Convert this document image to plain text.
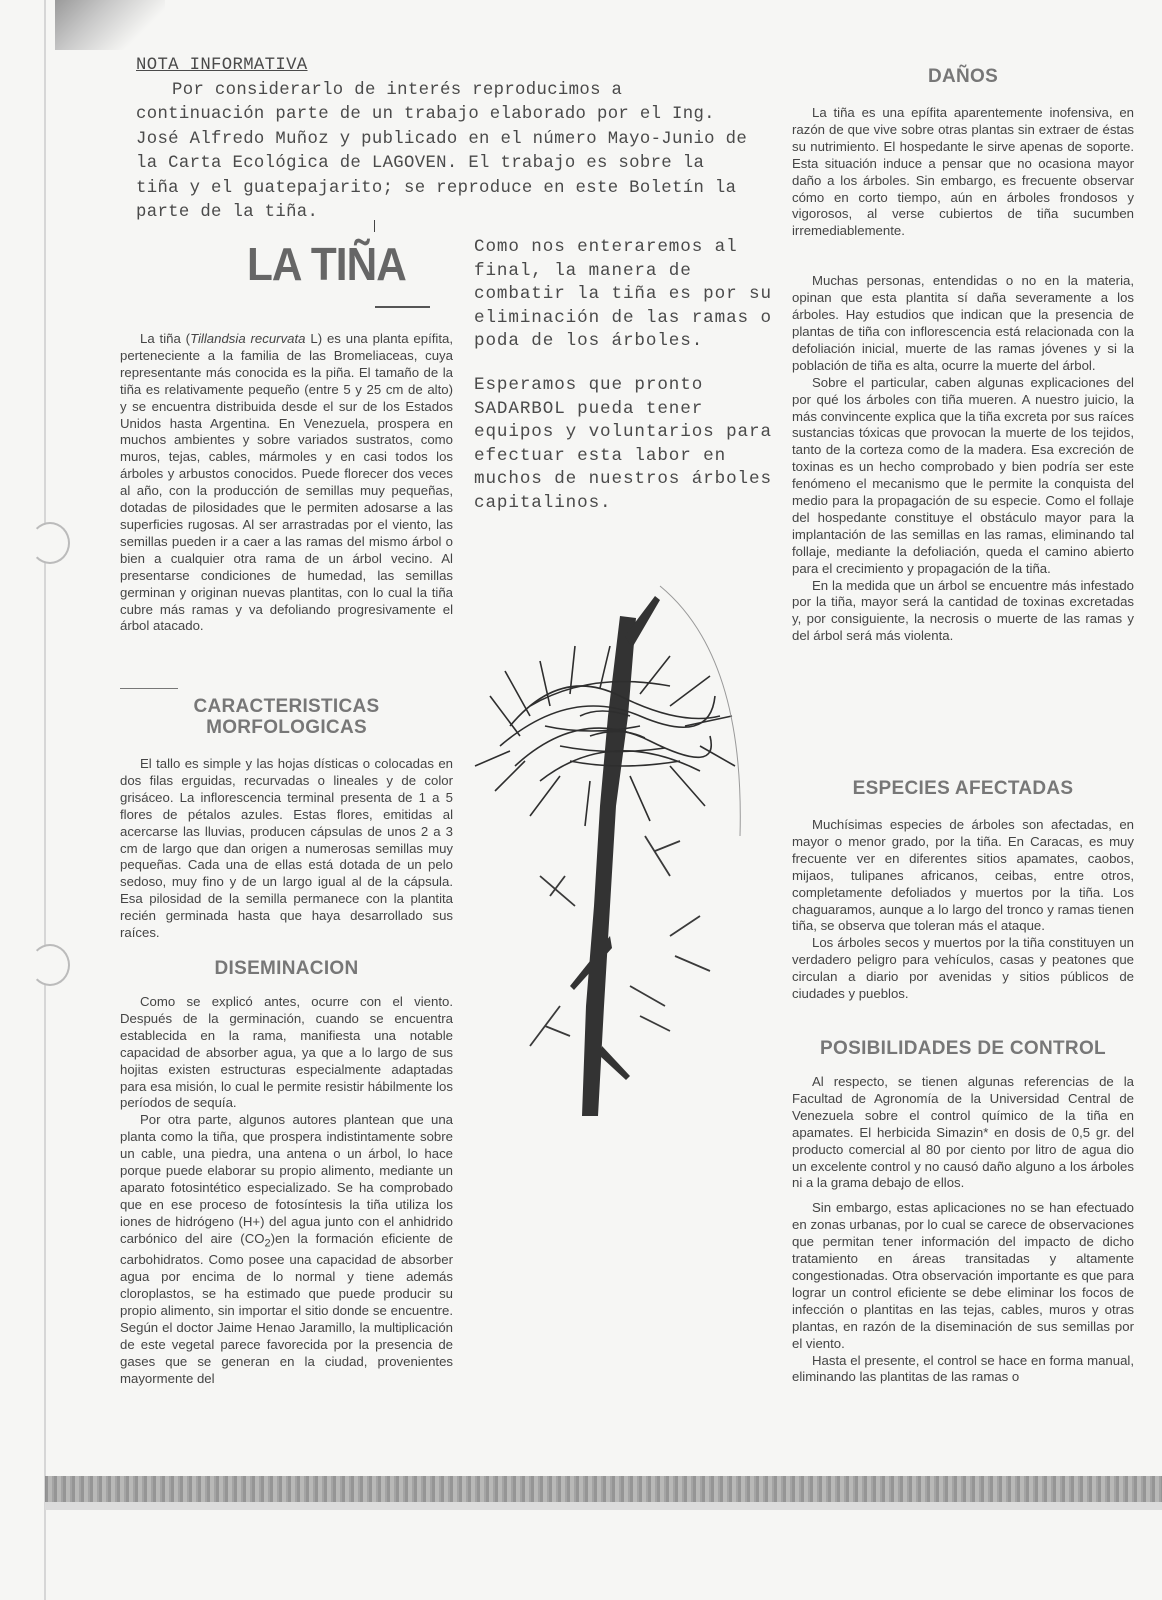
NOTA INFORMATIVA

Por considerarlo de interés reproducimos a continuación parte de un trabajo elaborado por el Ing. José Alfredo Muñoz y publicado en el número Mayo-Junio de la Carta Ecológica de LAGOVEN. El trabajo es sobre la tiña y el guatepajarito; se reproduce en este Boletín la parte de la tiña.

LA TIÑA	Como nos enteraremos al final, la manera de combatir la tiña es por su eliminación de las ramas o poda de los árboles.

Esperamos que pronto SADARBOL pueda tener equipos y voluntarios para efectuar esta labor en muchos de nuestros árboles capitalinos.

La tiña (Tillandsia recurvata L) es una planta epífita, perteneciente a la familia de las Bromeliaceas, cuya representante más conocida es la piña. El tamaño de la tiña es relativamente pequeño (entre 5 y 25 cm de alto) y se encuentra distribuida desde el sur de los Estados Unidos hasta Argentina. En Venezuela, prospera en muchos ambientes y sobre variados sustratos, como muros, tejas, cables, mármoles y en casi todos los árboles y arbustos conocidos. Puede florecer dos veces al año, con la producción de semillas muy pequeñas, dotadas de pilosidades que le permiten adosarse a las superficies rugosas. Al ser arrastradas por el viento, las semillas pueden ir a caer a las ramas del mismo árbol o bien a cualquier otra rama de un árbol vecino. Al presentarse condiciones de humedad, las semillas germinan y originan nuevas plantitas, con lo cual la tiña cubre más ramas y va defoliando progresivamente el árbol atacado.

CARACTERISTICAS
MORFOLOGICAS

El tallo es simple y las hojas dísticas o colocadas en dos filas erguidas, recurvadas o lineales y de color grisáceo. La inflorescencia terminal presenta de 1 a 5 flores de pétalos azules. Estas flores, emitidas al acercarse las lluvias, producen cápsulas de unos 2 a 3 cm de largo que dan origen a numerosas semillas muy pequeñas. Cada una de ellas está dotada de un pelo sedoso, muy fino y de un largo igual al de la cápsula. Esa pilosidad de la semilla permanece con la plantita recién germinada hasta que haya desarrollado sus raíces.

DISEMINACION

Como se explicó antes, ocurre con el viento. Después de la germinación, cuando se encuentra establecida en la rama, manifiesta una notable capacidad de absorber agua, ya que a lo largo de sus hojitas existen estructuras especialmente adaptadas para esa misión, lo cual le permite resistir hábilmente los períodos de sequía.

Por otra parte, algunos autores plantean que una planta como la tiña, que prospera indistintamente sobre un cable, una piedra, una antena o un árbol, lo hace porque puede elaborar su propio alimento, mediante un aparato fotosintético especializado. Se ha comprobado que en ese proceso de fotosíntesis la tiña utiliza los iones de hidrógeno (H+) del agua junto con el anhidrido carbónico del aire $(CO_2)en$ la formación eficiente de carbohidratos. Como posee una capacidad de absorber agua por encima de lo normal y tiene además cloroplastos, se ha estimado que puede producir su propio alimento, sin importar el sitio donde se encuentre. Según el doctor Jaime Henao Jaramillo, la multiplicación de este vegetal parece favorecida por la presencia de gases que se generan en la ciudad, provenientes mayormente del

DAÑOS

La tiña es una epífita aparentemente inofensiva, en razón de que vive sobre otras plantas sin extraer de éstas su nutrimiento. El hospedante le sirve apenas de soporte. Esta situación induce a pensar que no ocasiona mayor daño a los árboles. Sin embargo, es frecuente observar cómo en corto tiempo, aún en árboles frondosos y vigorosos, al verse cubiertos de tiña sucumben irremediablemente.

Muchas personas, entendidas o no en la materia, opinan que esta plantita sí daña severamente a los árboles. Hay estudios que indican que la presencia de plantas de tiña con inflorescencia está relacionada con la defoliación inicial, muerte de las ramas jóvenes y si la población de tiña es alta, ocurre la muerte del árbol.

Sobre el particular, caben algunas explicaciones del por qué los árboles con tiña mueren. A nuestro juicio, la más convincente explica que la tiña excreta por sus raíces sustancias tóxicas que provocan la muerte de los tejidos, tanto de la corteza como de la madera. Esa excreción de toxinas es un hecho comprobado y bien podría ser este fenómeno el mecanismo que le permite la conquista del medio para la propagación de su especie. Como el follaje del hospedante constituye el obstáculo mayor para la implantación de las semillas en las ramas, eliminando tal follaje, mediante la defoliación, queda el camino abierto para el crecimiento y propagación de la tiña.

En la medida que un árbol se encuentre más infestado por la tiña, mayor será la cantidad de toxinas excretadas y, por consiguiente, la necrosis o muerte de las ramas y del árbol será más violenta.

ESPECIES AFECTADAS

Muchísimas especies de árboles son afectadas, en mayor o menor grado, por la tiña. En Caracas, es muy frecuente ver en diferentes sitios apamates, caobos, mijaos, tulipanes africanos, ceibas, entre otros, completamente defoliados y muertos por la tiña. Los chaguaramos, aunque a lo largo del tronco y ramas tienen tiña, se observa que toleran más el ataque.

Los árboles secos y muertos por la tiña constituyen un verdadero peligro para vehículos, casas y peatones que circulan a diario por avenidas y sitios públicos de ciudades y pueblos.

POSIBILIDADES DE CONTROL

Al respecto, se tienen algunas referencias de la Facultad de Agronomía de la Universidad Central de Venezuela sobre el control químico de la tiña en apamates. El herbicida Simazin* en dosis de 0,5 gr. del producto comercial al 80 por ciento por litro de agua dio un excelente control y no causó daño alguno a los árboles ni a la grama debajo de ellos.

Sin embargo, estas aplicaciones no se han efectuado en zonas urbanas, por lo cual se carece de observaciones que permitan tener información del impacto de dicho tratamiento en áreas transitadas y altamente congestionadas. Otra observación importante es que para lograr un control eficiente se debe eliminar los focos de infección o plantitas en las tejas, cables, muros y otras plantas, en razón de la diseminación de sus semillas por el viento.

Hasta el presente, el control se hace en forma manual, eliminando las plantitas de las ramas o
